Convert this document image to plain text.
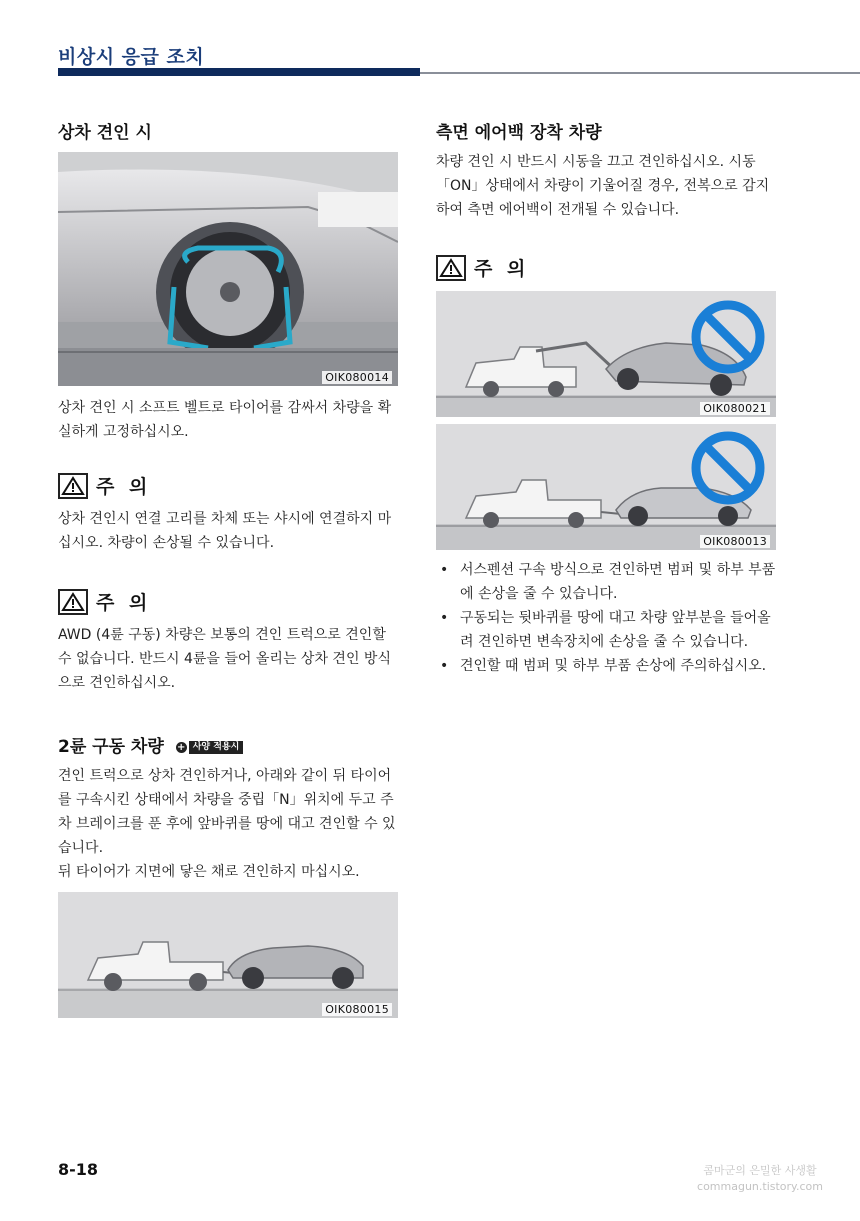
비상시 응급 조치
상차 견인 시
OIK080014
상차 견인 시 소프트 벨트로 타이어를 감싸서 차량을 확실하게 고정하십시오.
주 의
상차 견인시 연결 고리를 차체 또는 샤시에 연결하지 마십시오. 차량이 손상될 수 있습니다.
주 의
AWD (4륜 구동) 차량은 보통의 견인 트럭으로 견인할 수 없습니다. 반드시 4륜을 들어 올리는 상차 견인 방식으로 견인하십시오.
2륜 구동 차량 + 사양 적용시
견인 트럭으로 상차 견인하거나, 아래와 같이 뒤 타이어를 구속시킨 상태에서 차량을 중립「N」위치에 두고 주차 브레이크를 푼 후에 앞바퀴를 땅에 대고 견인할 수 있습니다.
뒤 타이어가 지면에 닿은 채로 견인하지 마십시오.
OIK080015
측면 에어백 장착 차량
차량 견인 시 반드시 시동을 끄고 견인하십시오. 시동「ON」상태에서 차량이 기울어질 경우, 전복으로 감지하여 측면 에어백이 전개될 수 있습니다.
주 의
OIK080021
OIK080013
• 서스펜션 구속 방식으로 견인하면 범퍼 및 하부 부품에 손상을 줄 수 있습니다.
• 구동되는 뒷바퀴를 땅에 대고 차량 앞부분을 들어올려 견인하면 변속장치에 손상을 줄 수 있습니다.
• 견인할 때 범퍼 및 하부 부품 손상에 주의하십시오.
8-18	콤마군의 은밀한 사생활
commagun.tistory.com
